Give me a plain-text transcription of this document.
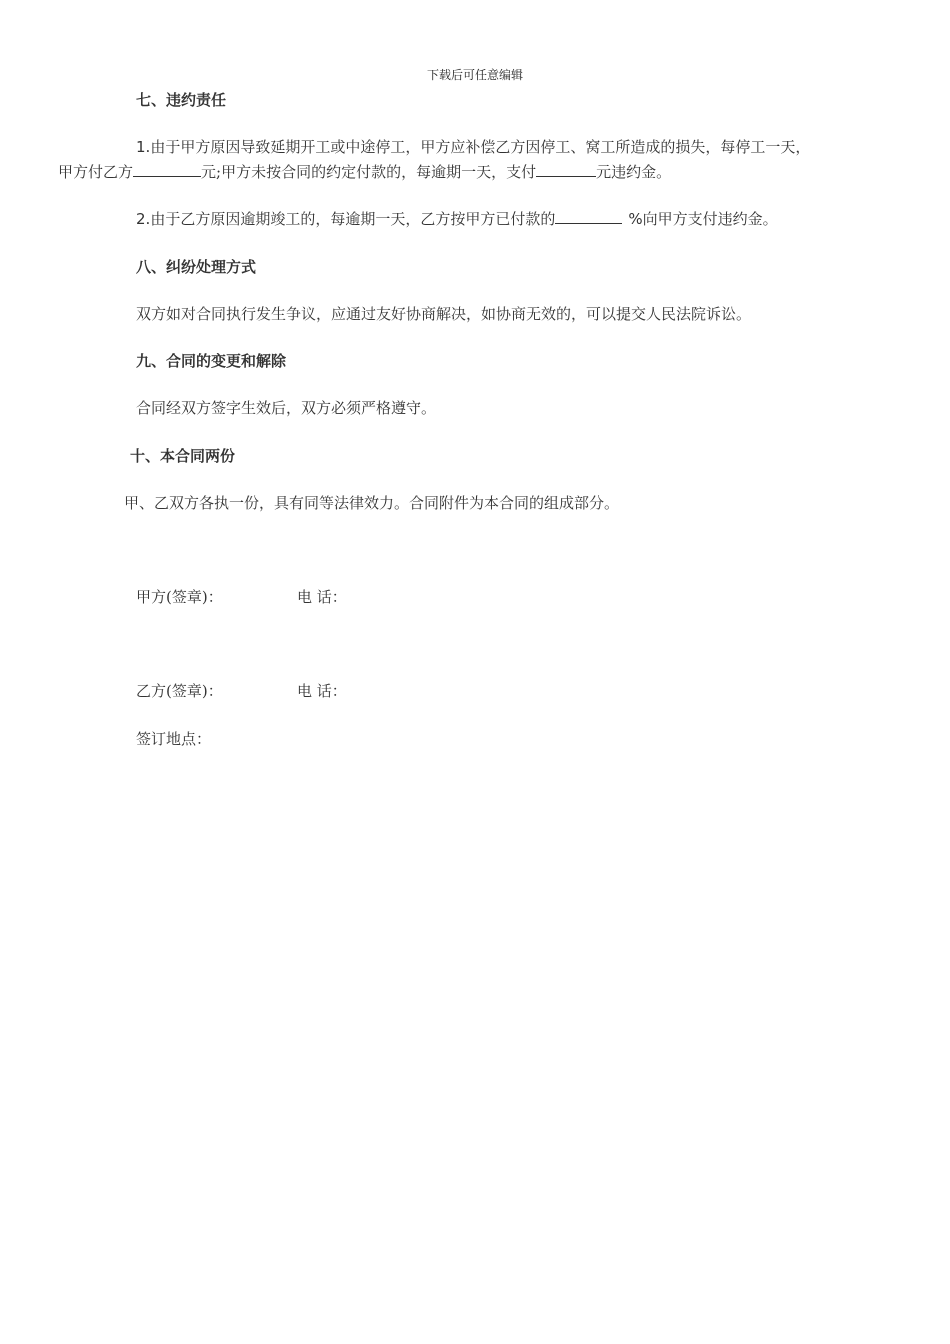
下载后可任意编辑
七、违约责任
1.由于甲方原因导致延期开工或中途停工，甲方应补偿乙方因停工、窝工所造成的损失，每停工一天，
甲方付乙方	元;甲方未按合同的约定付款的，每逾期一天，支付	元违约金。
2.由于乙方原因逾期竣工的，每逾期一天，乙方按甲方已付款的	%向甲方支付违约金。
八、纠纷处理方式
双方如对合同执行发生争议，应通过友好协商解决，如协商无效的，可以提交人民法院诉讼。
九、合同的变更和解除
合同经双方签字生效后，双方必须严格遵守。
十、本合同两份
甲、乙双方各执一份，具有同等法律效力。合同附件为本合同的组成部分。
甲方(签章)：	电 话：
乙方(签章)：	电 话：
签订地点：
